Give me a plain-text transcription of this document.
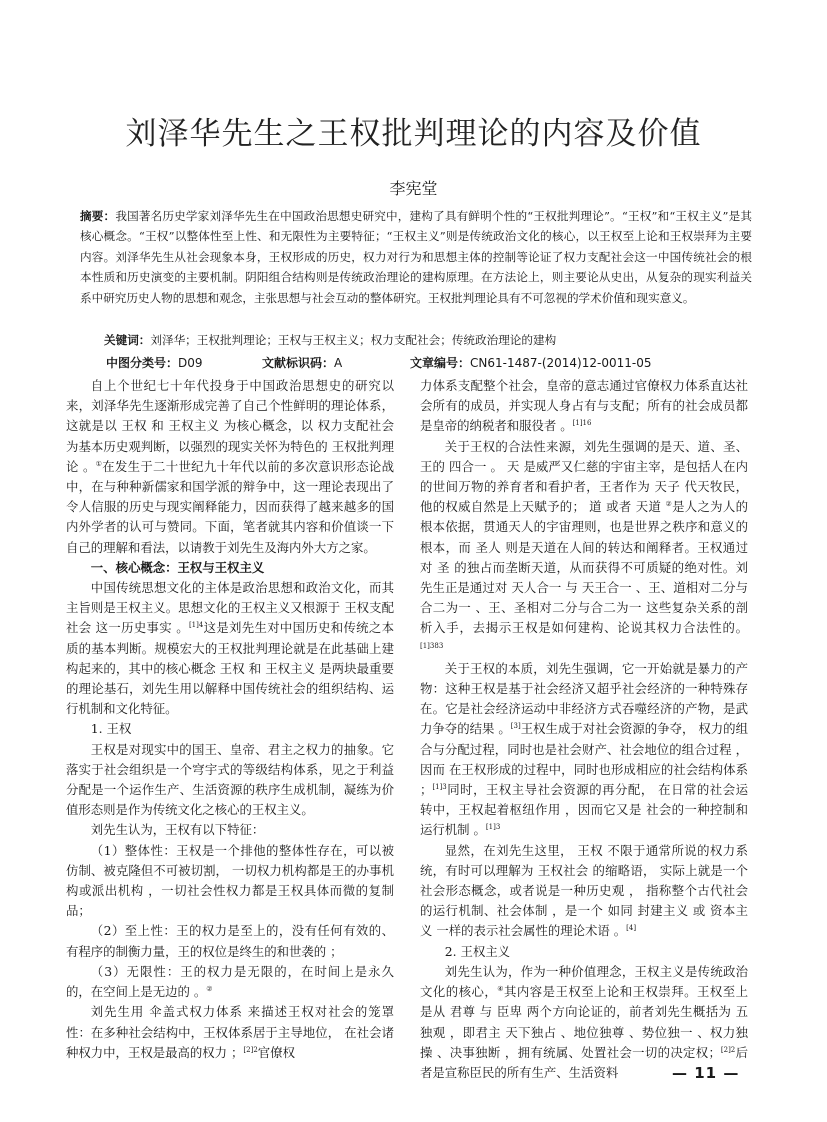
刘泽华先生之王权批判理论的内容及价值
李宪堂
摘要：我国著名历史学家刘泽华先生在中国政治思想史研究中，建构了具有鲜明个性的“王权批判理论”。“王权”和“王权主义”是其核心概念。“王权”以整体性至上性、和无限性为主要特征；“王权主义”则是传统政治文化的核心，以王权至上论和王权崇拜为主要内容。刘泽华先生从社会现象本身，王权形成的历史，权力对行为和思想主体的控制等论证了权力支配社会这一中国传统社会的根本性质和历史演变的主要机制。阴阳组合结构则是传统政治理论的建构原理。在方法论上，则主要论从史出，从复杂的现实利益关系中研究历史人物的思想和观念，主张思想与社会互动的整体研究。王权批判理论具有不可忽视的学术价值和现实意义。
关键词：刘泽华；王权批判理论；王权与王权主义；权力支配社会；传统政治理论的建构
中图分类号：D09	文献标识码：A	文章编号：CN61-1487-(2014)12-0011-05

自上个世纪七十年代投身于中国政治思想史的研究以来，刘泽华先生逐渐形成完善了自己个性鲜明的理论体系，这就是以 王权 和 王权主义 为核心概念，以 权力支配社会 为基本历史观判断，以强烈的现实关怀为特色的 王权批判理论 。①在发生于二十世纪九十年代以前的多次意识形态论战中，在与种种新儒家和国学派的辩争中，这一理论表现出了令人信服的历史与现实阐释能力，因而获得了越来越多的国内外学者的认可与赞同。下面，笔者就其内容和价值谈一下自己的理解和看法，以请教于刘先生及海内外大方之家。

一、核心概念：王权与王权主义

中国传统思想文化的主体是政治思想和政治文化，而其主旨则是王权主义。思想文化的王权主义又根源于 王权支配社会 这一历史事实 。$^{[1]4}$这是刘先生对中国历史和传统之本质的基本判断。规模宏大的王权批判理论就是在此基础上建构起来的，其中的核心概念 王权 和 王权主义 是两块最重要的理论基石，刘先生用以解释中国传统社会的组织结构、运行机制和文化特征。

1. 王权

王权是对现实中的国王、皇帝、君主之权力的抽象。它落实于社会组织是一个穹宇式的等级结构体系，见之于利益分配是一个运作生产、生活资源的秩序生成机制，凝练为价值形态则是作为传统文化之核心的王权主义。

刘先生认为，王权有以下特征：

（1）整体性：王权是一个排他的整体性存在，可以被仿制、被克隆但不可被切割， 一切权力机构都是王的办事机构或派出机构 ，一切社会性权力都是王权具体而微的复制品；

（2）至上性：王的权力是至上的，没有任何有效的、有程序的制衡力量，王的权位是终生的和世袭的 ；

（3）无限性：王的权力是无限的，在时间上是永久的，在空间上是无边的 。②

刘先生用 伞盖式权力体系 来描述王权对社会的笼罩性：在多种社会结构中，王权体系居于主导地位， 在社会诸种权力中，王权是最高的权力 ；$^{[2]2}$官僚权

力体系支配整个社会，皇帝的意志通过官僚权力体系直达社会所有的成员，并实现人身占有与支配；所有的社会成员都是皇帝的纳税者和服役者 。$^{[1]16}$

关于王权的合法性来源，刘先生强调的是天、道、圣、王的 四合一 。 天 是威严又仁慈的宇宙主宰，是包括人在内的世间万物的养育者和看护者，王者作为 天子 代天牧民，他的权威自然是上天赋予的； 道 或者 天道 ②是人之为人的根本依据，贯通天人的宇宙理则，也是世界之秩序和意义的根本，而 圣人 则是天道在人间的转达和阐释者。王权通过对 圣 的独占而垄断天道，从而获得不可质疑的绝对性。刘先生正是通过对 天人合一 与 天王合一 、王、道相对二分与合二为一 、王、圣相对二分与合二为一 这些复杂关系的剖析入手，去揭示王权是如何建构、论说其权力合法性的。$^{[1]383}$

关于王权的本质，刘先生强调，它一开始就是暴力的产物：这种王权是基于社会经济又超乎社会经济的一种特殊存在。它是社会经济运动中非经济方式吞噬经济的产物，是武力争夺的结果 。[3]王权生成于对社会资源的争夺， 权力的组合与分配过程，同时也是社会财产、社会地位的组合过程 ，因而 在王权形成的过程中，同时也形成相应的社会结构体系 ；$^{[1]3}$同时，王权主导社会资源的再分配， 在日常的社会运转中，王权起着枢纽作用 ，因而它又是 社会的一种控制和运行机制 。$^{[1]3}$

显然，在刘先生这里， 王权 不限于通常所说的权力系统，有时可以理解为 王权社会 的缩略语， 实际上就是一个社会形态概念，或者说是一种历史观 ， 指称整个古代社会的运行机制、社会体制 ，是一个 如同 封建主义 或 资本主义 一样的表示社会属性的理论术语 。[4]

2. 王权主义

刘先生认为，作为一种价值理念，王权主义是传统政治文化的核心，④其内容是王权至上论和王权崇拜。王权至上是从 君尊 与 臣卑 两个方向论证的，前者刘先生概括为 五独观 ，即君主 天下独占 、地位独尊 、势位独一 、权力独操 、决事独断 ，拥有统属、处置社会一切的决定权；$^{[2]2}$后者是宣称臣民的所有生产、生活资料	— 11 —
